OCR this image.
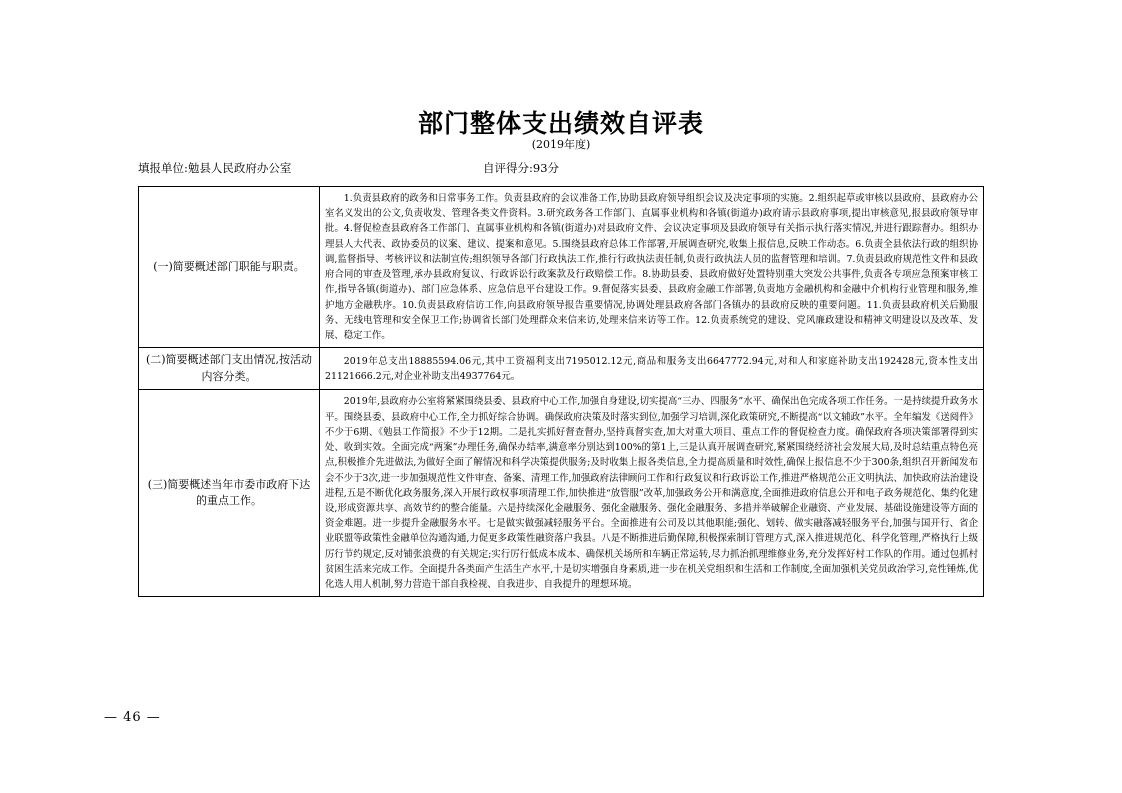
部门整体支出绩效自评表
(2019年度)
填报单位:勉县人民政府办公室	自评得分:93分
(一)简要概述部门职能与职责。	1.负责县政府的政务和日常事务工作。负责县政府的会议准备工作,协助县政府领导组织会议及决定事项的实施。2.组织起草或审核以县政府、县政府办公室名义发出的公文,负责收发、管理各类文件资料。3.研究政务各工作部门、直属事业机构和各镇(街道办)政府请示县政府事项,提出审核意见,报县政府领导审批。4.督促检查县政府各工作部门、直属事业机构和各镇(街道办)对县政府文件、会议决定事项及县政府领导有关指示执行落实情况,并进行跟踪督办。组织办理县人大代表、政协委员的议案、建议、提案和意见。5.围绕县政府总体工作部署,开展调查研究,收集上报信息,反映工作动态。6.负责全县依法行政的组织协调,监督指导、考核评议和法制宣传;组织领导各部门行政执法工作,推行行政执法责任制,负责行政执法人员的监督管理和培训。7.负责县政府规范性文件和县政府合同的审查及管理,承办县政府复议、行政诉讼行政案款及行政赔偿工作。8.协助县委、县政府做好处置特别重大突发公共事件,负责各专项应急预案审核工作,指导各镇(街道办)、部门应急体系、应急信息平台建设工作。9.督促落实县委、县政府金融工作部署,负责地方金融机构和金融中介机构行业管理和服务,维护地方金融秩序。10.负责县政府信访工作,向县政府领导报告重要情况,协调处理县政府各部门各镇办的县政府反映的重要问题。11.负责县政府机关后勤服务、无线电管理和安全保卫工作;协调省长部门处理群众来信来访,处理来信来访等工作。12.负责系统党的建设、党风廉政建设和精神文明建设以及改革、发展、稳定工作。

(二)简要概述部门支出情况,按活动内容分类。	2019年总支出18885594.06元,其中工资福利支出7195012.12元,商品和服务支出6647772.94元,对和人和家庭补助支出192428元,资本性支出21121666.2元,对企业补助支出4937764元。

(三)简要概述当年市委市政府下达的重点工作。	2019年,县政府办公室将紧紧围绕县委、县政府中心工作,加强自身建设,切实提高“三办、四服务”水平、确保出色完成各项工作任务。一是持续提升政务水平。围绕县委、县政府中心工作,全力抓好综合协调。确保政府决策及时落实到位,加强学习培训,深化政策研究,不断提高“以文辅政”水平。全年编发《送阅件》不少于6期、《勉县工作简报》不少于12期。二是扎实抓好督查督办,坚持真督实查,加大对重大项目、重点工作的督促检查力度。确保政府各项决策部署得到实处、收到实效。全面完成“两案”办理任务,确保办结率,满意率分别达到100%的第1上,三是认真开展调查研究,紧紧围绕经济社会发展大局,及时总结重点特色亮点,积极推介先进做法,为做好全面了解情况和科学决策提供服务;及时收集上报各类信息,全力提高质量和时效性,确保上报信息不少于300条,组织召开新闻发布会不少于3次,进一步加强规范性文件审查、备案、清理工作,加强政府法律顾问工作和行政复议和行政诉讼工作,推进严格规范公正文明执法、加快政府法治建设进程,五是不断优化政务服务,深入开展行政权事项清理工作,加快推进“放管服”改革,加强政务公开和满意度,全面推进政府信息公开和电子政务规范化、集约化建设,形成资源共享、高效节约的整合能量。六是持续深化金融服务、强化金融服务、强化金融服务、多措并举破解企业融资、产业发展、基础设施建设等方面的资金难题。进一步提升金融服务水平。七是做实做强减轻服务平台。全面推进有公司及以其他职能;强化、划转、做实融落减轻服务平台,加强与国开行、省企业联盟等政策性金融单位沟通沟通,力促更多政策性融资落户我县。八是不断推进后勤保障,积极探索制订管理方式,深入推进规范化、科学化管理,严格执行上级厉行节约规定,反对铺张浪费的有关规定;实行厉行低成本成本、确保机关场所和车辆正常运转,尽力抓治抓理维修业务,充分发挥好村工作队的作用。通过包抓村贫困生活来完成工作。全面提升各类面产生活生产水平,十是切实增强自身素质,进一步在机关党组织和生活和工作制度,全面加强机关党员政治学习,竞性锤炼,优化选人用人机制,努力营造干部自我检视、自我进步、自我提升的理想环境。
— 46 —
